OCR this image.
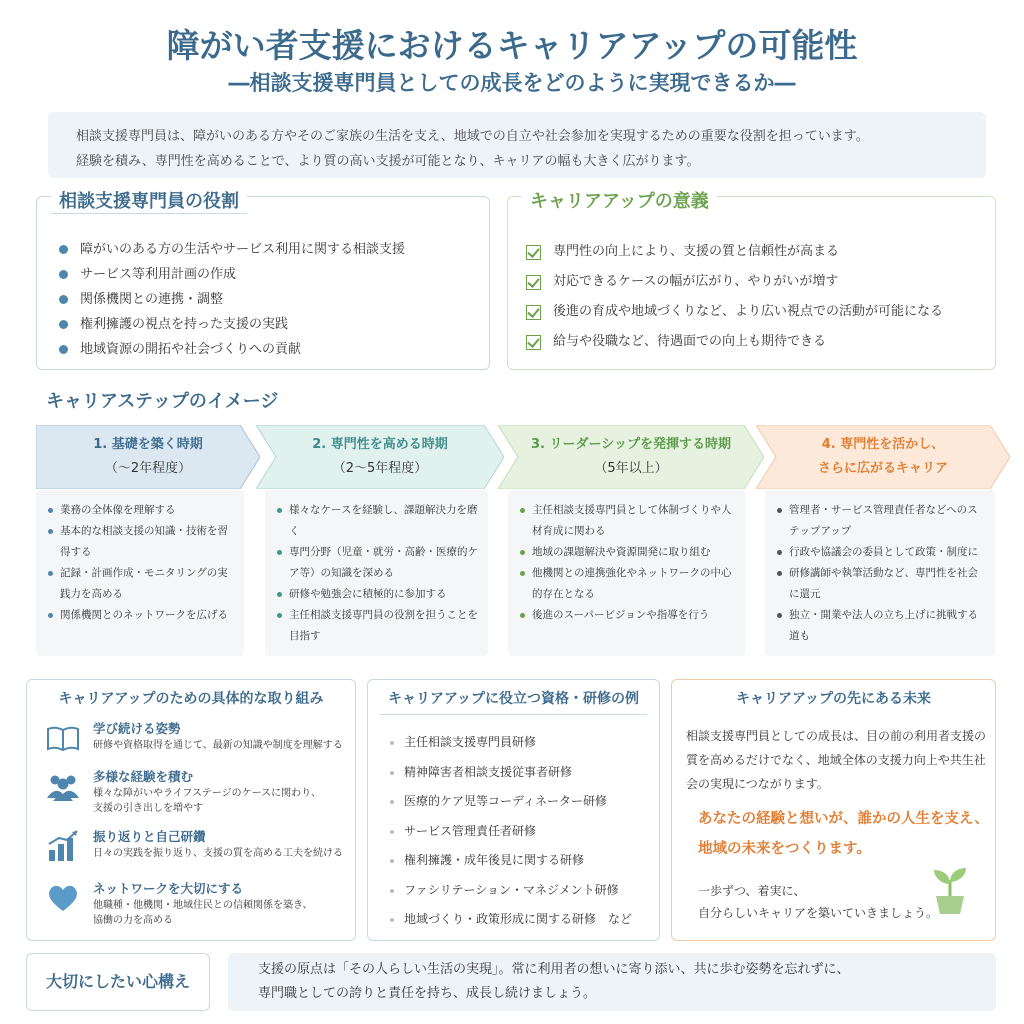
障がい者支援におけるキャリアアップの可能性
―相談支援専門員としての成長をどのように実現できるか―
相談支援専門員は、障がいのある方やそのご家族の生活を支え、地域での自立や社会参加を実現するための重要な役割を担っています。
経験を積み、専門性を高めることで、より質の高い支援が可能となり、キャリアの幅も大きく広がります。
相談支援専門員の役割
障がいのある方の生活やサービス利用に関する相談支援
サービス等利用計画の作成
関係機関との連携・調整
権利擁護の視点を持った支援の実践
地域資源の開拓や社会づくりへの貢献
キャリアアップの意義
専門性の向上により、支援の質と信頼性が高まる
対応できるケースの幅が広がり、やりがいが増す
後進の育成や地域づくりなど、より広い視点での活動が可能になる
給与や役職など、待遇面での向上も期待できる
キャリアステップのイメージ
1. 基礎を築く時期
（～2年程度）
2. 専門性を高める時期
（2～5年程度）
3. リーダーシップを発揮する時期
（5年以上）
4. 専門性を活かし、
さらに広がるキャリア
業務の全体像を理解する
基本的な相談支援の知識・技術を習得する
記録・計画作成・モニタリングの実践力を高める
関係機関とのネットワークを広げる
様々なケースを経験し、課題解決力を磨く
専門分野（児童・就労・高齢・医療的ケア等）の知識を深める
研修や勉強会に積極的に参加する
主任相談支援専門員の役割を担うことを目指す
主任相談支援専門員として体制づくりや人材育成に関わる
地域の課題解決や資源開発に取り組む
他機関との連携強化やネットワークの中心的存在となる
後進のスーパービジョンや指導を行う
管理者・サービス管理責任者などへのステップアップ
行政や協議会の委員として政策・制度に
研修講師や執筆活動など、専門性を社会に還元
独立・開業や法人の立ち上げに挑戦する道も
キャリアアップのための具体的な取り組み
学び続ける姿勢
研修や資格取得を通じて、最新の知識や制度を理解する
多様な経験を積む
様々な障がいやライフステージのケースに関わり、
支援の引き出しを増やす
振り返りと自己研鑽
日々の実践を振り返り、支援の質を高める工夫を続ける
ネットワークを大切にする
他職種・他機関・地域住民との信頼関係を築き、
協働の力を高める
キャリアアップに役立つ資格・研修の例
主任相談支援専門員研修
精神障害者相談支援従事者研修
医療的ケア児等コーディネーター研修
サービス管理責任者研修
権利擁護・成年後見に関する研修
ファシリテーション・マネジメント研修
地域づくり・政策形成に関する研修　など
キャリアアップの先にある未来
相談支援専門員としての成長は、目の前の利用者支援の
質を高めるだけでなく、地域全体の支援力向上や共生社
会の実現につながります。
あなたの経験と想いが、誰かの人生を支え、
地域の未来をつくります。
一歩ずつ、着実に、
自分らしいキャリアを築いていきましょう。
大切にしたい心構え
支援の原点は「その人らしい生活の実現」。常に利用者の想いに寄り添い、共に歩む姿勢を忘れずに、
専門職としての誇りと責任を持ち、成長し続けましょう。
